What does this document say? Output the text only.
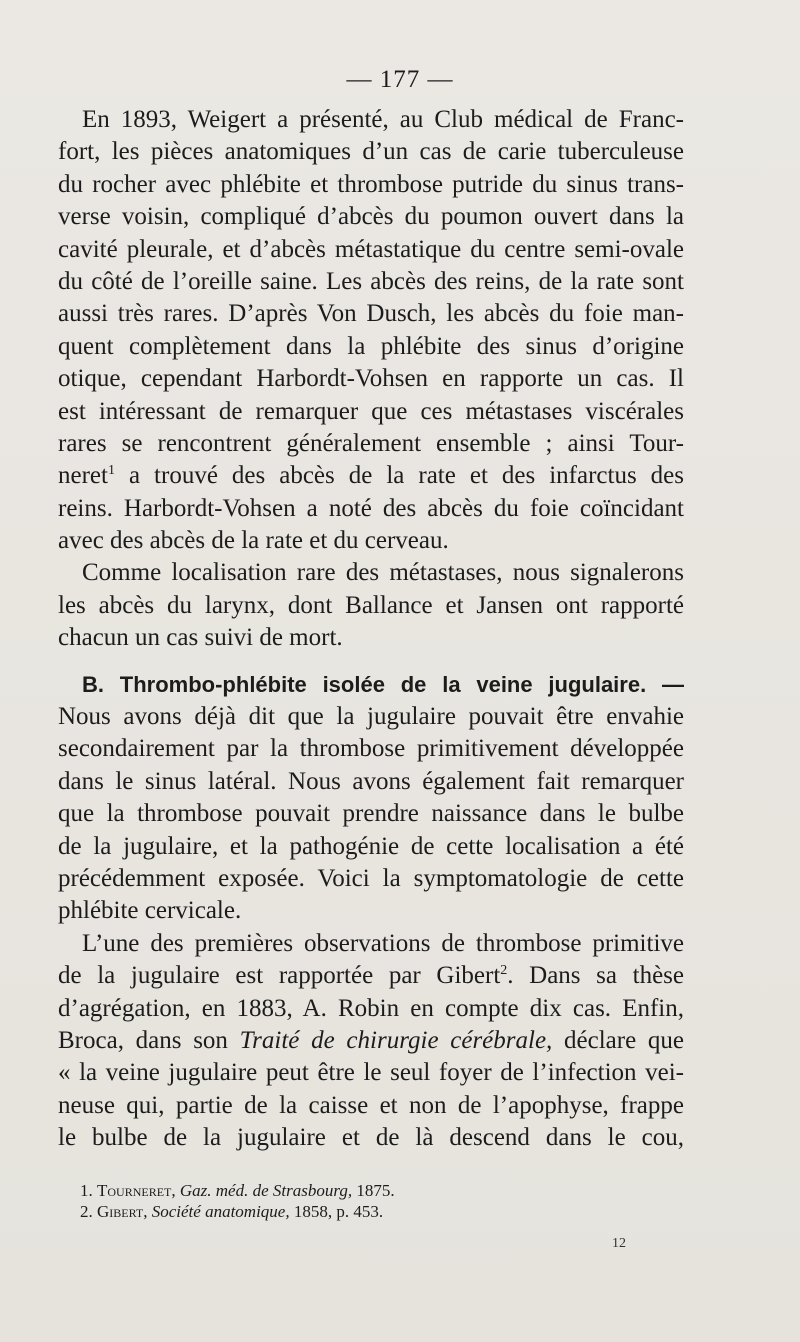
— 177 —
En 1893, Weigert a présenté, au Club médical de Franc-
fort, les pièces anatomiques d’un cas de carie tuberculeuse
du rocher avec phlébite et thrombose putride du sinus trans-
verse voisin, compliqué d’abcès du poumon ouvert dans la
cavité pleurale, et d’abcès métastatique du centre semi-ovale
du côté de l’oreille saine. Les abcès des reins, de la rate sont
aussi très rares. D’après Von Dusch, les abcès du foie man-
quent complètement dans la phlébite des sinus d’origine
otique, cependant Harbordt-Vohsen en rapporte un cas. Il
est intéressant de remarquer que ces métastases viscérales
rares se rencontrent généralement ensemble ; ainsi Tour-
neret$^1$ a trouvé des abcès de la rate et des infarctus des
reins. Harbordt-Vohsen a noté des abcès du foie coïncidant
avec des abcès de la rate et du cerveau.
Comme localisation rare des métastases, nous signalerons
les abcès du larynx, dont Ballance et Jansen ont rapporté
chacun un cas suivi de mort.
B. Thrombo-phlébite isolée de la veine jugulaire. —
Nous avons déjà dit que la jugulaire pouvait être envahie
secondairement par la thrombose primitivement développée
dans le sinus latéral. Nous avons également fait remarquer
que la thrombose pouvait prendre naissance dans le bulbe
de la jugulaire, et la pathogénie de cette localisation a été
précédemment exposée. Voici la symptomatologie de cette
phlébite cervicale.
L’une des premières observations de thrombose primitive
de la jugulaire est rapportée par Gibert$^2$. Dans sa thèse
d’agrégation, en 1883, A. Robin en compte dix cas. Enfin,
Broca, dans son Traité de chirurgie cérébrale, déclare que
« la veine jugulaire peut être le seul foyer de l’infection vei-
neuse qui, partie de la caisse et non de l’apophyse, frappe
le bulbe de la jugulaire et de là descend dans le cou,
1. Tourneret, Gaz. méd. de Strasbourg, 1875.
2. Gibert, Société anatomique, 1858, p. 453.
12
